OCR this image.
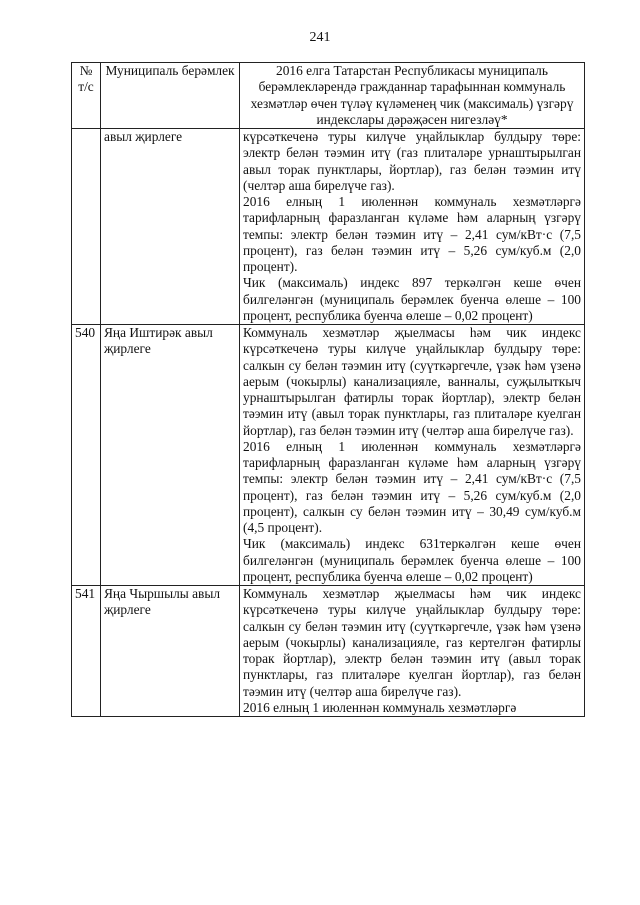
241
№ т/с	Муниципаль берәмлек	2016 елга Татарстан Республикасы муниципаль берәмлекләрендә гражданнар тарафыннан коммуналь хезмәтләр өчен түләү күләменең чик (максималь) үзгәрү индекслары дәрәҗәсен нигезләү*
	авыл җирлеге	күрсәткеченә туры килүче уңайлыклар булдыру төре: электр белән тәэмин итү (газ плиталәре урнаштырылган авыл торак пунктлары, йортлар), газ белән тәэмин итү (челтәр аша бирелүче газ).

2016 елның 1 июленнән коммуналь хезмәтләргә тарифларның фаразланган күләме һәм аларның үзгәрү темпы: электр белән тәэмин итү – 2,41 сум/кВт·с (7,5 процент), газ белән тәэмин итү – 5,26 сум/куб.м (2,0 процент).

Чик (максималь) индекс 897 теркәлгән кеше өчен билгеләнгән (муниципаль берәмлек буенча өлеше – 100 процент, республика буенча өлеше – 0,02 процент)

540	Яңа Иштирәк авыл җирлеге	Коммуналь хезмәтләр җыелмасы һәм чик индекс күрсәткеченә туры килүче уңайлыклар булдыру төре: салкын су белән тәэмин итү (суүткәргечле, үзәк һәм үзенә аерым (чокырлы) канализацияле, ванналы, суҗылыткыч урнаштырылган фатирлы торак йортлар), электр белән тәэмин итү (авыл торак пунктлары, газ плиталәре куелган йортлар), газ белән тәэмин итү (челтәр аша бирелүче газ).

2016 елның 1 июленнән коммуналь хезмәтләргә тарифларның фаразланган күләме һәм аларның үзгәрү темпы: электр белән тәэмин итү – 2,41 сум/кВт·с (7,5 процент), газ белән тәэмин итү – 5,26 сум/куб.м (2,0 процент), салкын су белән тәэмин итү – 30,49 сум/куб.м (4,5 процент).

Чик (максималь) индекс 631теркәлгән кеше өчен билгеләнгән (муниципаль берәмлек буенча өлеше – 100 процент, республика буенча өлеше – 0,02 процент)

541	Яңа Чыршылы авыл җирлеге	Коммуналь хезмәтләр җыелмасы һәм чик индекс күрсәткеченә туры килүче уңайлыклар булдыру төре: салкын су белән тәэмин итү (суүткәргечле, үзәк һәм үзенә аерым (чокырлы) канализацияле, газ кертелгән фатирлы торак йортлар), электр белән тәэмин итү (авыл торак пунктлары, газ плиталәре куелган йортлар), газ белән тәэмин итү (челтәр аша бирелүче газ).

2016 елның 1 июленнән коммуналь хезмәтләргә
